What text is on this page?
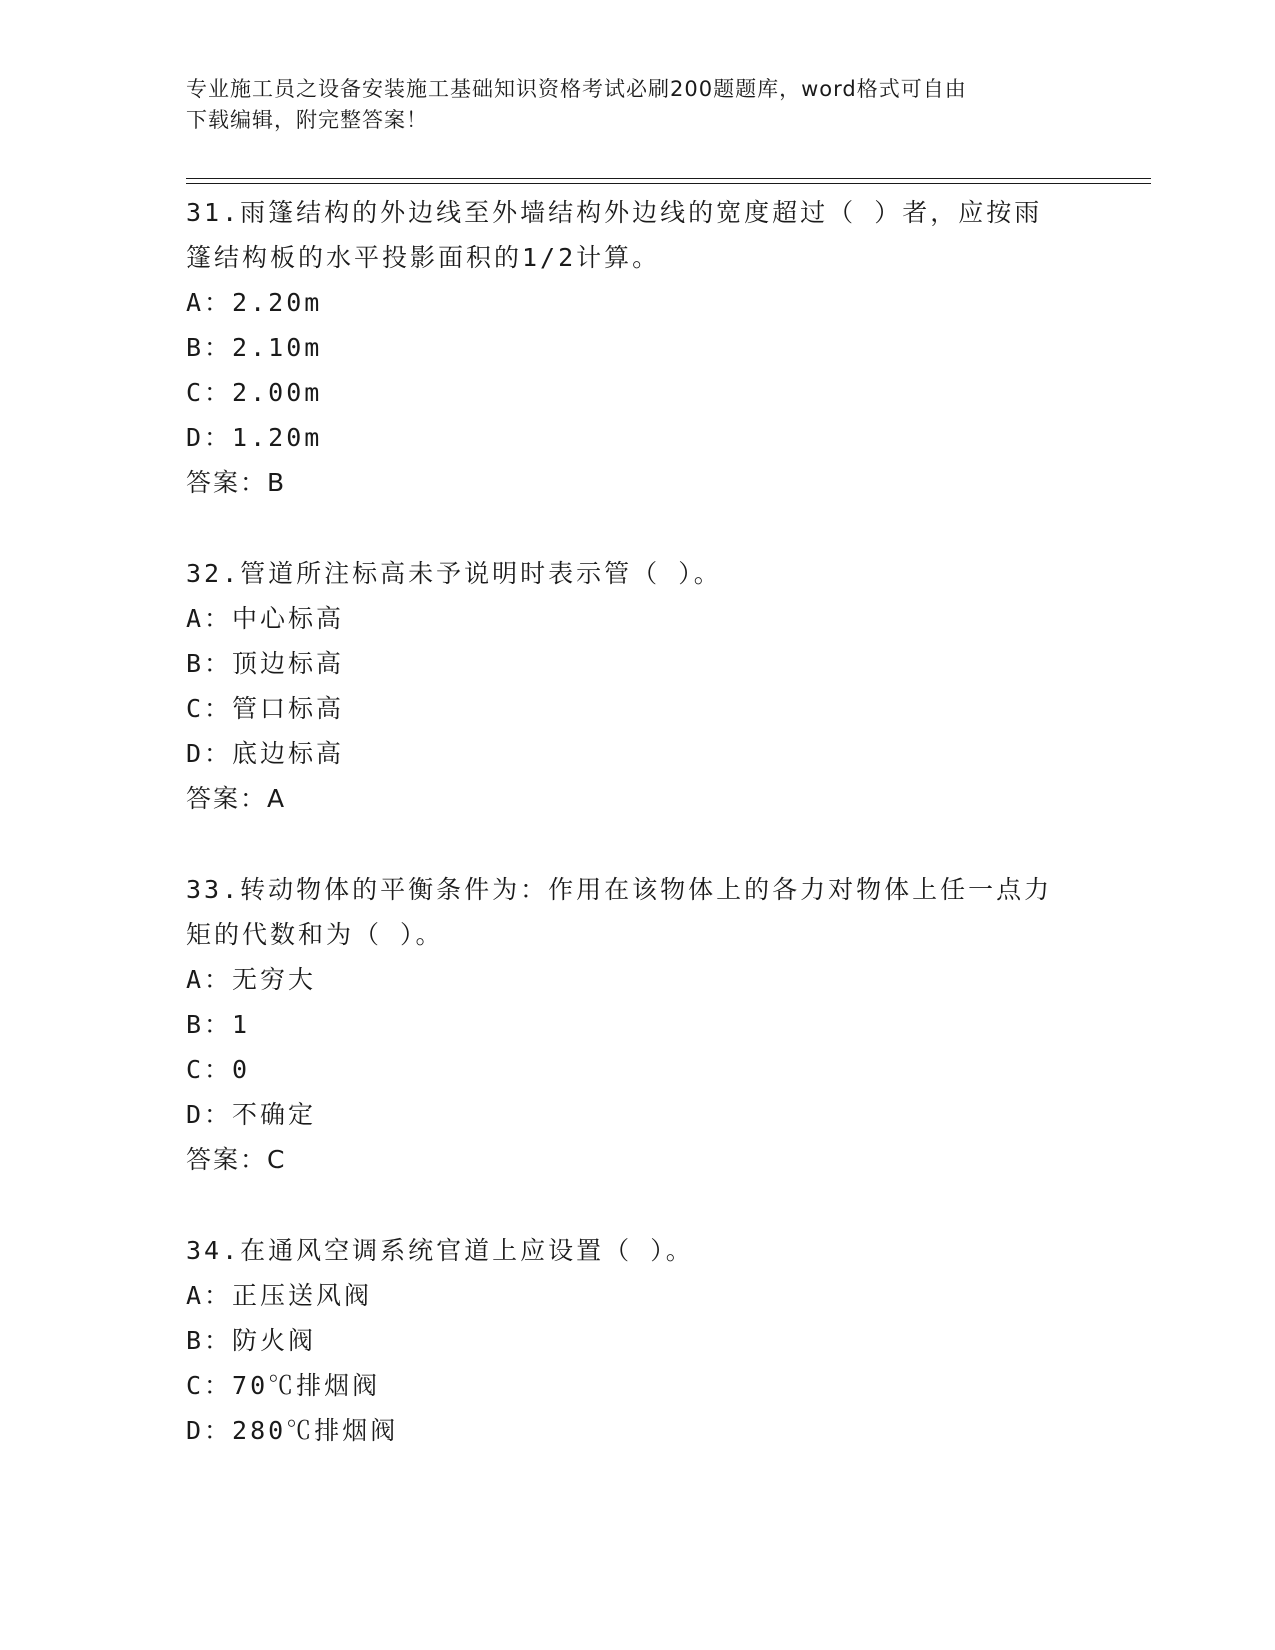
专业施工员之设备安装施工基础知识资格考试必刷200题题库，word格式可自由
下载编辑，附完整答案！

31.雨篷结构的外边线至外墙结构外边线的宽度超过（ ）者，应按雨
篷结构板的水平投影面积的1/2计算。

A：2.20m
B：2.10m
C：2.00m
D：1.20m

答案：B

32.管道所注标高未予说明时表示管（ ）。

A：中心标高
B：顶边标高
C：管口标高
D：底边标高

答案：A

33.转动物体的平衡条件为：作用在该物体上的各力对物体上任一点力
矩的代数和为（ ）。

A：无穷大
B：1
C：0
D：不确定

答案：C

34.在通风空调系统官道上应设置（ ）。

A：正压送风阀
B：防火阀
C：70℃排烟阀
D：280℃排烟阀
